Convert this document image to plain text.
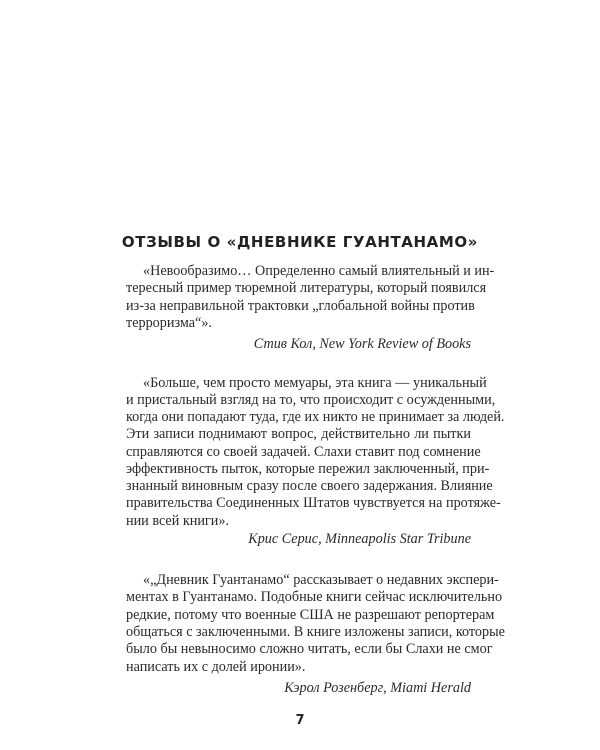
ОТЗЫВЫ О «ДНЕВНИКЕ ГУАНТАНАМО»
«Невообразимо… Определенно самый влиятельный и ин-
тересный пример тюремной литературы, который появился
из-за неправильной трактовки „глобальной войны против
терроризма“».
Стив Кол, New York Review of Books
«Больше, чем просто мемуары, эта книга — уникальный
и пристальный взгляд на то, что происходит с осужденными,
когда они попадают туда, где их никто не принимает за людей.
Эти записи поднимают вопрос, действительно ли пытки
справляются со своей задачей. Слахи ставит под сомнение
эффективность пыток, которые пережил заключенный, при-
знанный виновным сразу после своего задержания. Влияние
правительства Соединенных Штатов чувствуется на протяже-
нии всей книги».
Крис Серис, Minneapolis Star Tribune
«„Дневник Гуантанамо“ рассказывает о недавних экспери-
ментах в Гуантанамо. Подобные книги сейчас исключительно
редкие, потому что военные США не разрешают репортерам
общаться с заключенными. В книге изложены записи, которые
было бы невыносимо сложно читать, если бы Слахи не смог
написать их с долей иронии».
Кэрол Розенберг, Miami Herald
7
